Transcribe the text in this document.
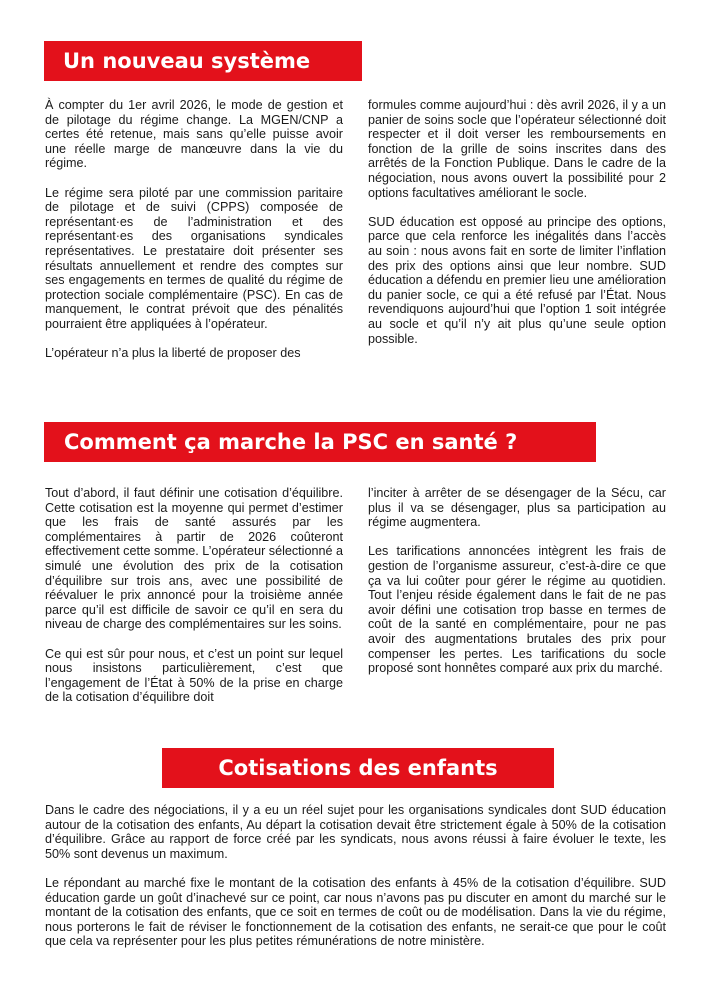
Un nouveau système

À compter du 1er avril 2026, le mode de gestion et de pilotage du régime change. La MGEN/CNP a certes été retenue, mais sans qu’elle puisse avoir une réelle marge de manœuvre dans la vie du régime.

Le régime sera piloté par une commission paritaire de pilotage et de suivi (CPPS) composée de représentant·es de l’administration et des représentant·es des organisations syndicales représentatives. Le prestataire doit présenter ses résultats annuellement et rendre des comptes sur ses engagements en termes de qualité du régime de protection sociale complémentaire (PSC). En cas de manquement, le contrat prévoit que des pénalités pourraient être appliquées à l’opérateur.

L’opérateur n’a plus la liberté de proposer des

formules comme aujourd’hui : dès avril 2026, il y a un panier de soins socle que l’opérateur sélectionné doit respecter et il doit verser les remboursements en fonction de la grille de soins inscrites dans des arrêtés de la Fonction Publique. Dans le cadre de la négociation, nous avons ouvert la possibilité pour 2 options facultatives améliorant le socle.

SUD éducation est opposé au principe des options, parce que cela renforce les inégalités dans l’accès au soin : nous avons fait en sorte de limiter l’inflation des prix des options ainsi que leur nombre. SUD éducation a défendu en premier lieu une amélioration du panier socle, ce qui a été refusé par l’État. Nous revendiquons aujourd’hui que l’option 1 soit intégrée au socle et qu’il n’y ait plus qu’une seule option possible.

Comment ça marche la PSC en santé ?

Tout d’abord, il faut définir une cotisation d’équilibre. Cette cotisation est la moyenne qui permet d’estimer que les frais de santé assurés par les complémentaires à partir de 2026 coûteront effectivement cette somme. L’opérateur sélectionné a simulé une évolution des prix de la cotisation d’équilibre sur trois ans, avec une possibilité de réévaluer le prix annoncé pour la troisième année parce qu’il est difficile de savoir ce qu’il en sera du niveau de charge des complémentaires sur les soins.

Ce qui est sûr pour nous, et c’est un point sur lequel nous insistons particulièrement, c’est que l’engagement de l’État à 50% de la prise en charge de la cotisation d’équilibre doit

l’inciter à arrêter de se désengager de la Sécu, car plus il va se désengager, plus sa participation au régime augmentera.

Les tarifications annoncées intègrent les frais de gestion de l’organisme assureur, c’est-à-dire ce que ça va lui coûter pour gérer le régime au quotidien. Tout l’enjeu réside également dans le fait de ne pas avoir défini une cotisation trop basse en termes de coût de la santé en complémentaire, pour ne pas avoir des augmentations brutales des prix pour compenser les pertes. Les tarifications du socle proposé sont honnêtes comparé aux prix du marché.

Cotisations des enfants

Dans le cadre des négociations, il y a eu un réel sujet pour les organisations syndicales dont SUD éducation autour de la cotisation des enfants, Au départ la cotisation devait être strictement égale à 50% de la cotisation d’équilibre. Grâce au rapport de force créé par les syndicats, nous avons réussi à faire évoluer le texte, les 50% sont devenus un maximum.

Le répondant au marché fixe le montant de la cotisation des enfants à 45% de la cotisation d’équilibre. SUD éducation garde un goût d’inachevé sur ce point, car nous n’avons pas pu discuter en amont du marché sur le montant de la cotisation des enfants, que ce soit en termes de coût ou de modélisation. Dans la vie du régime, nous porterons le fait de réviser le fonctionnement de la cotisation des enfants, ne serait-ce que pour le coût que cela va représenter pour les plus petites rémunérations de notre ministère.
